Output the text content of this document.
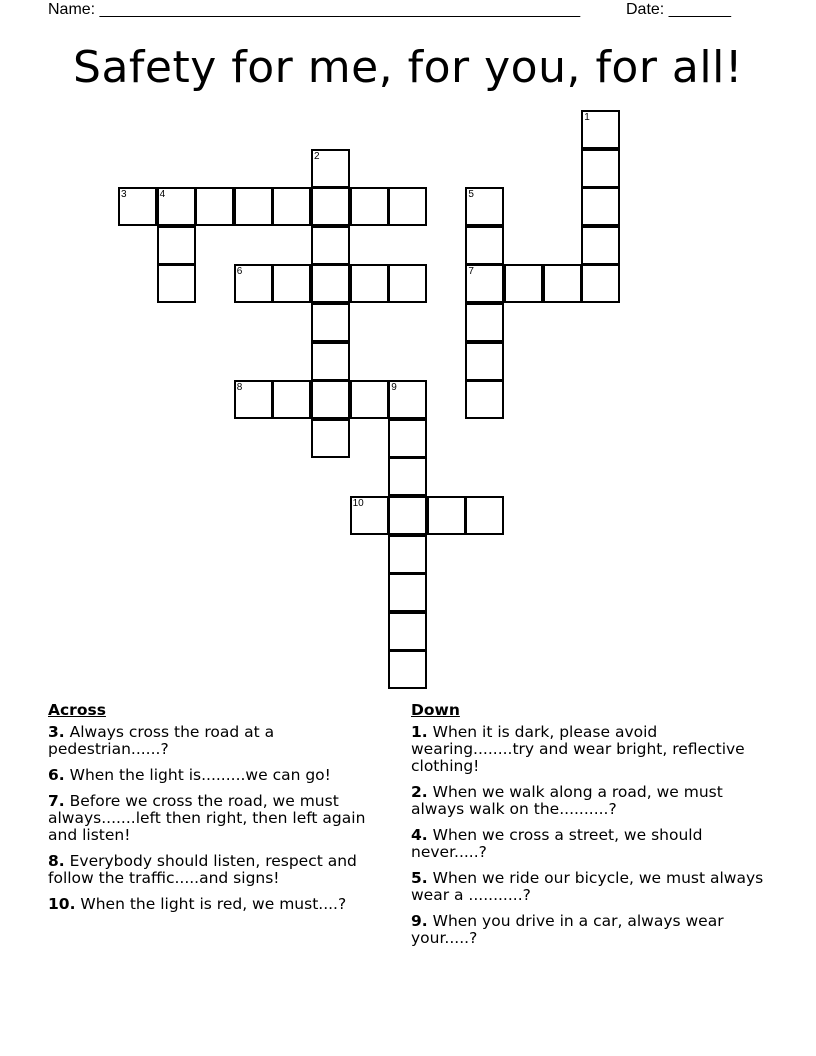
Name: ______________________________________________________	Date: _______
Safety for me, for you, for all!
1
2
3	4	5
7
6
8	9
10
Across
3. Always cross the road at a pedestrian......?
6. When the light is.........we can go!
7. Before we cross the road, we must always.......left then right, then left again and listen!
8. Everybody should listen, respect and follow the traffic.....and signs!
10. When the light is red, we must....?
Down
1. When it is dark, please avoid wearing........try and wear bright, reflective clothing!
2. When we walk along a road, we must always walk on the..........?
4. When we cross a street, we should never.....?
5. When we ride our bicycle, we must always wear a ...........?
9. When you drive in a car, always wear your.....?
